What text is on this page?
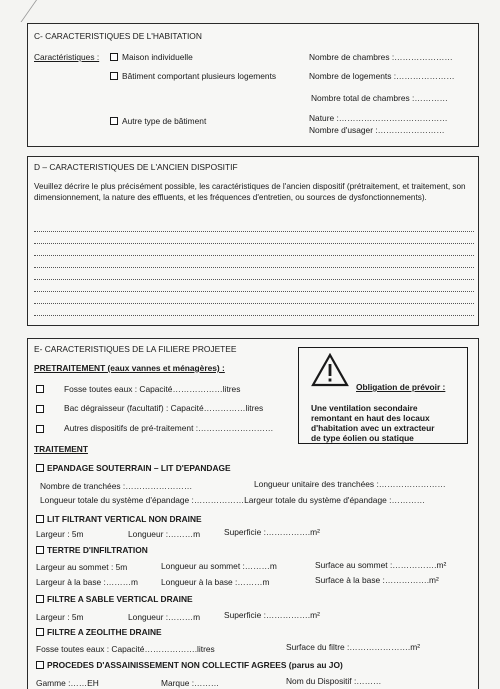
C- CARACTERISTIQUES DE L'HABITATION
Caractéristiques :	Maison individuelle	Nombre de chambres :…………………
Bâtiment comportant plusieurs logements	Nombre de logements :…………………
Nombre total de chambres :…………
Autre type de bâtiment	Nature :…………………………………
Nombre d'usager :……………………
D – CARACTERISTIQUES DE L'ANCIEN DISPOSITIF
Veuillez décrire le plus précisément possible, les caractéristiques de l'ancien dispositif (prétraitement, et traitement, son dimensionnement, la nature des effluents, et les fréquences d'entretien, ou sources de dysfonctionnements).
E- CARACTERISTIQUES DE LA FILIERE PROJETEE
PRETRAITEMENT (eaux vannes et ménagères) :
Fosse toutes eaux : Capacité………………litres
Bac dégraisseur (facultatif) : Capacité……………litres
Autres dispositifs de pré-traitement :………………………
Obligation de prévoir :
Une ventilation secondaire
remontant en haut des locaux
d'habitation avec un extracteur
de type éolien ou statique
TRAITEMENT
EPANDAGE SOUTERRAIN – LIT D'EPANDAGE
Nombre de tranchées :……………………	Longueur unitaire des tranchées :……………………
Longueur totale du système d'épandage :………………Largeur totale du système d'épandage :…………
LIT FILTRANT VERTICAL NON DRAINE
Largeur : 5m	Longueur :………m	Superficie :…………….m²
TERTRE D'INFILTRATION
Largeur au sommet : 5m	Longueur au sommet :………m	Surface au sommet :…………….m²
Largeur à la base :………m	Longueur à la base :………m	Surface à la base :…………….m²
FILTRE A SABLE VERTICAL DRAINE
Largeur : 5m	Longueur :………m	Superficie :…………….m²
FILTRE A ZEOLITHE DRAINE
Fosse toutes eaux : Capacité……………….litres	Surface du filtre :………………….m²
PROCEDES D'ASSAINISSEMENT NON COLLECTIF AGREES (parus au JO)
Gamme :……EH	Marque :………	Nom du Dispositif :………
